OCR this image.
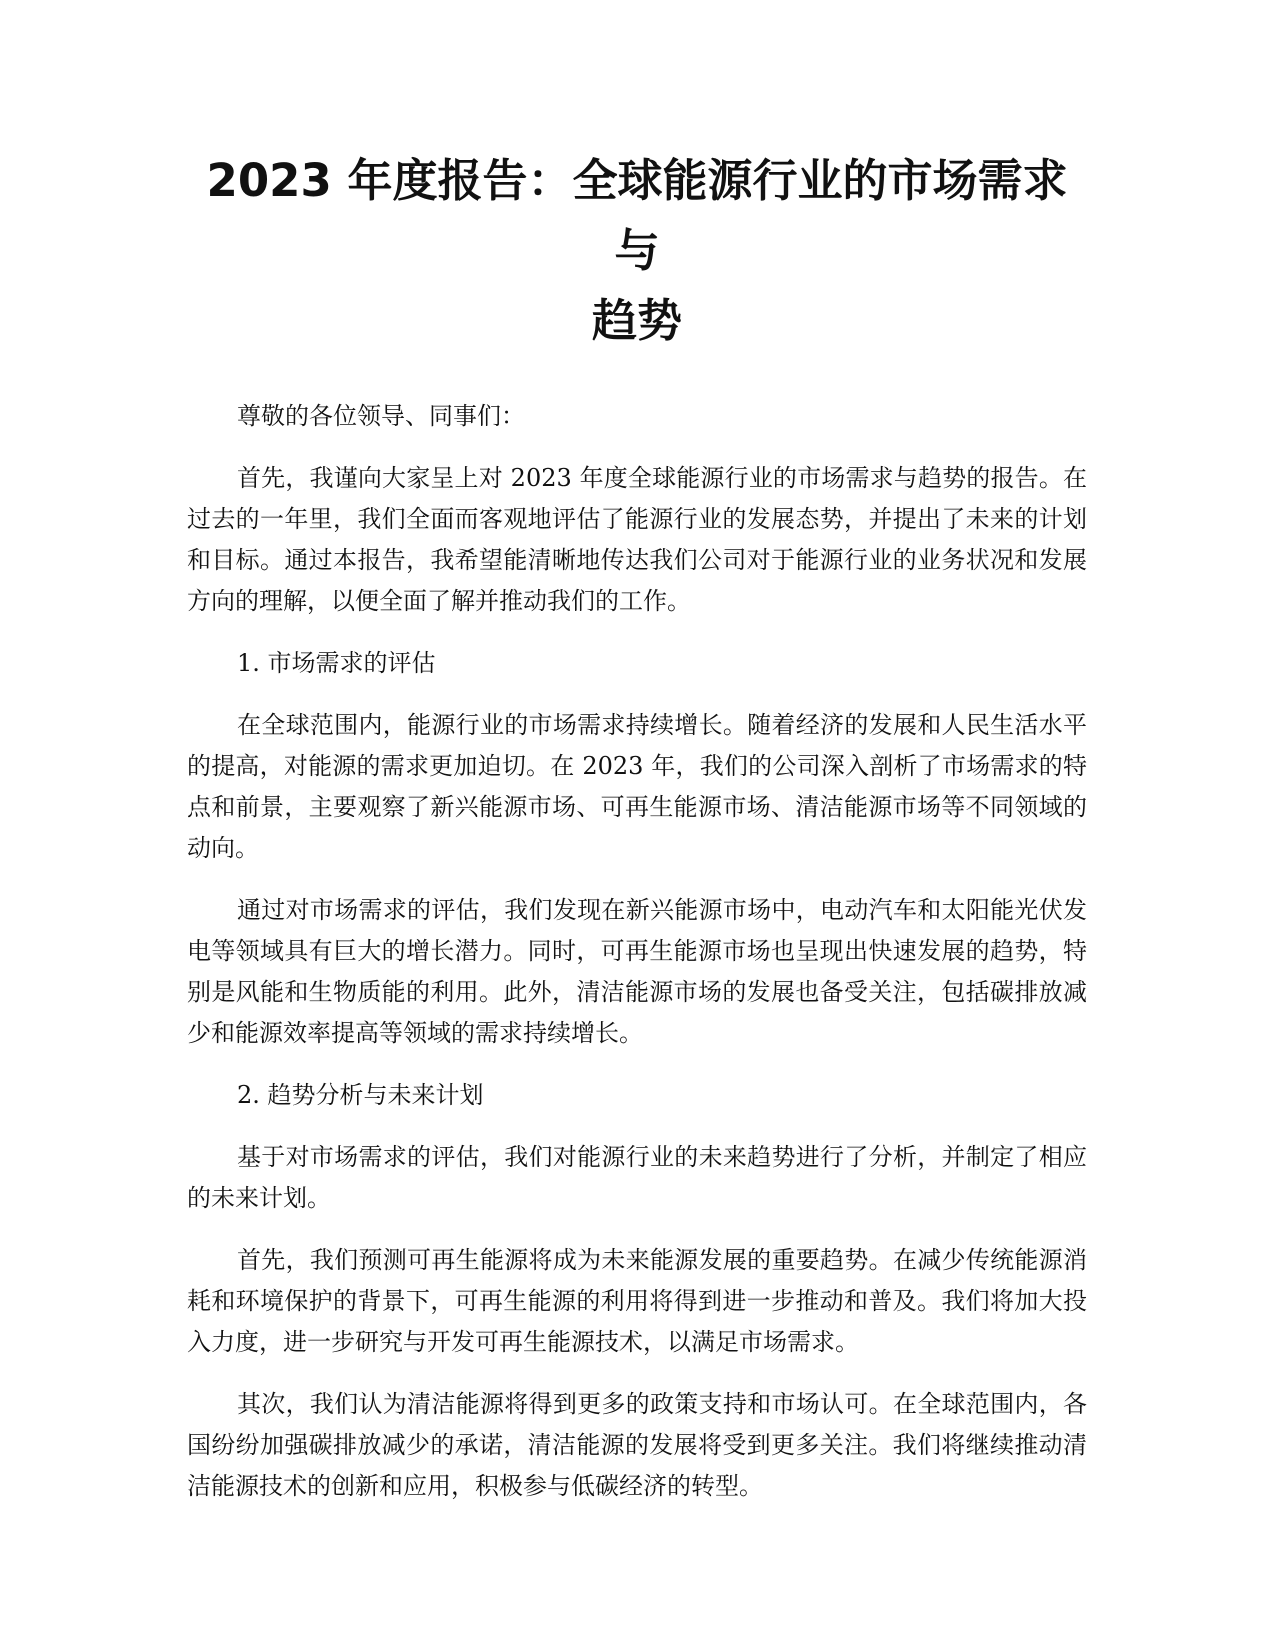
2023 年度报告：全球能源行业的市场需求与
趋势

尊敬的各位领导、同事们：

首先，我谨向大家呈上对 2023 年度全球能源行业的市场需求与趋势的报告。在过去的一年里，我们全面而客观地评估了能源行业的发展态势，并提出了未来的计划和目标。通过本报告，我希望能清晰地传达我们公司对于能源行业的业务状况和发展方向的理解，以便全面了解并推动我们的工作。

1. 市场需求的评估

在全球范围内，能源行业的市场需求持续增长。随着经济的发展和人民生活水平的提高，对能源的需求更加迫切。在 2023 年，我们的公司深入剖析了市场需求的特点和前景，主要观察了新兴能源市场、可再生能源市场、清洁能源市场等不同领域的动向。

通过对市场需求的评估，我们发现在新兴能源市场中，电动汽车和太阳能光伏发电等领域具有巨大的增长潜力。同时，可再生能源市场也呈现出快速发展的趋势，特别是风能和生物质能的利用。此外，清洁能源市场的发展也备受关注，包括碳排放减少和能源效率提高等领域的需求持续增长。

2. 趋势分析与未来计划

基于对市场需求的评估，我们对能源行业的未来趋势进行了分析，并制定了相应的未来计划。

首先，我们预测可再生能源将成为未来能源发展的重要趋势。在减少传统能源消耗和环境保护的背景下，可再生能源的利用将得到进一步推动和普及。我们将加大投入力度，进一步研究与开发可再生能源技术，以满足市场需求。

其次，我们认为清洁能源将得到更多的政策支持和市场认可。在全球范围内，各国纷纷加强碳排放减少的承诺，清洁能源的发展将受到更多关注。我们将继续推动清洁能源技术的创新和应用，积极参与低碳经济的转型。
